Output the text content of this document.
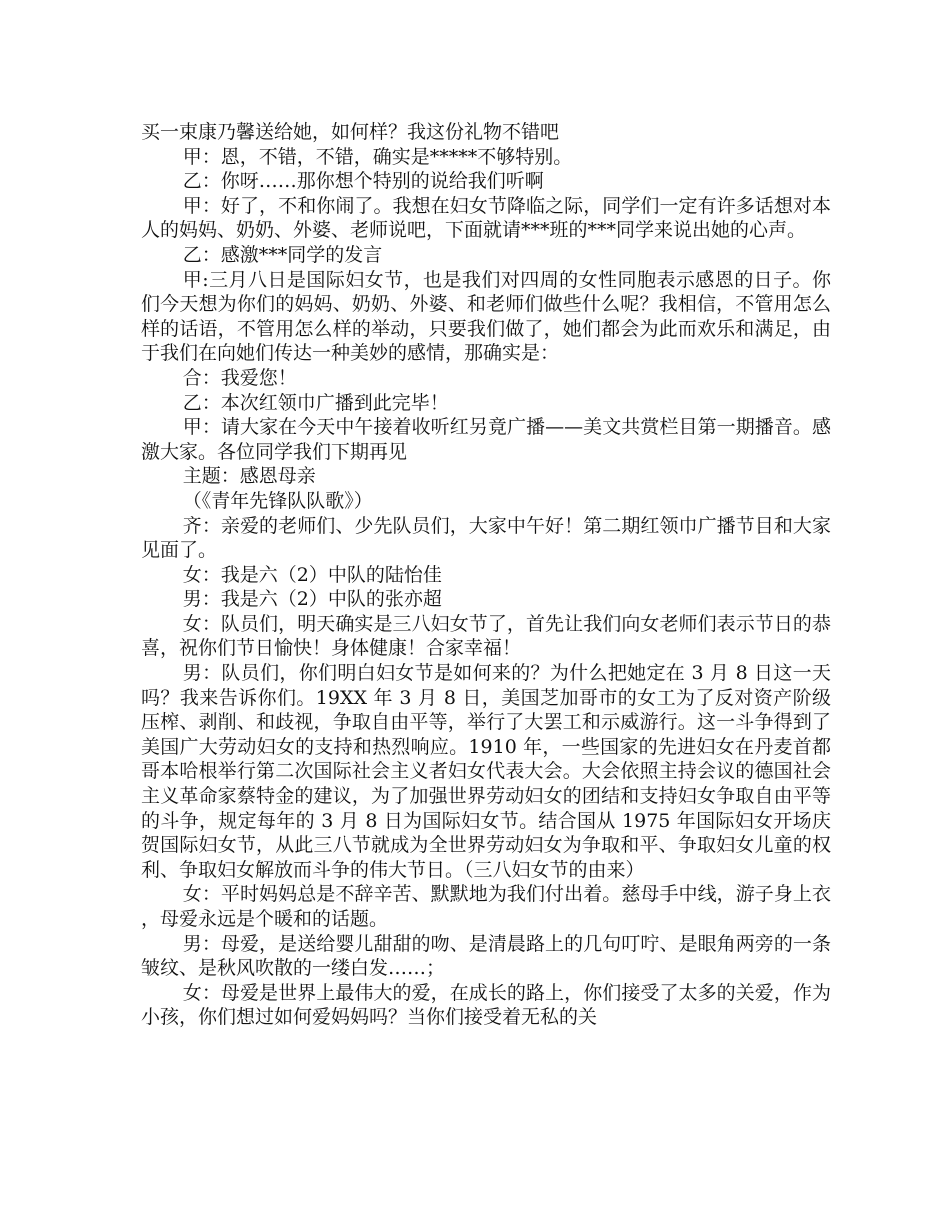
买一束康乃馨送给她，如何样？我这份礼物不错吧

甲：恩，不错，不错，确实是*****不够特别。

乙：你呀……那你想个特别的说给我们听啊

甲：好了，不和你闹了。我想在妇女节降临之际，同学们一定有许多话想对本人的妈妈、奶奶、外婆、老师说吧，下面就请***班的***同学来说出她的心声。

乙：感激***同学的发言

甲:三月八日是国际妇女节，也是我们对四周的女性同胞表示感恩的日子。你们今天想为你们的妈妈、奶奶、外婆、和老师们做些什么呢？我相信，不管用怎么样的话语，不管用怎么样的举动，只要我们做了，她们都会为此而欢乐和满足，由于我们在向她们传达一种美妙的感情，那确实是：

合：我爱您！

乙：本次红领巾广播到此完毕！

甲：请大家在今天中午接着收听红另竟广播——美文共赏栏目第一期播音。感激大家。各位同学我们下期再见

主题：感恩母亲

（《青年先锋队队歌》）

齐：亲爱的老师们、少先队员们，大家中午好！第二期红领巾广播节目和大家见面了。

女：我是六（2）中队的陆怡佳

男：我是六（2）中队的张亦超

女：队员们，明天确实是三八妇女节了，首先让我们向女老师们表示节日的恭喜，祝你们节日愉快！身体健康！合家幸福！

男：队员们，你们明白妇女节是如何来的？为什么把她定在 3 月 8 日这一天吗？我来告诉你们。19XX 年 3 月 8 日，美国芝加哥市的女工为了反对资产阶级压榨、剥削、和歧视，争取自由平等，举行了大罢工和示威游行。这一斗争得到了美国广大劳动妇女的支持和热烈响应。1910 年，一些国家的先进妇女在丹麦首都哥本哈根举行第二次国际社会主义者妇女代表大会。大会依照主持会议的德国社会主义革命家蔡特金的建议，为了加强世界劳动妇女的团结和支持妇女争取自由平等的斗争，规定每年的 3 月 8 日为国际妇女节。结合国从 1975 年国际妇女开场庆贺国际妇女节，从此三八节就成为全世界劳动妇女为争取和平、争取妇女儿童的权利、争取妇女解放而斗争的伟大节日。（三八妇女节的由来）

女：平时妈妈总是不辞辛苦、默默地为我们付出着。慈母手中线，游子身上衣，母爱永远是个暖和的话题。

男：母爱，是送给婴儿甜甜的吻、是清晨路上的几句叮咛、是眼角两旁的一条皱纹、是秋风吹散的一缕白发……；

女：母爱是世界上最伟大的爱，在成长的路上，你们接受了太多的关爱，作为小孩，你们想过如何爱妈妈吗？当你们接受着无私的关
